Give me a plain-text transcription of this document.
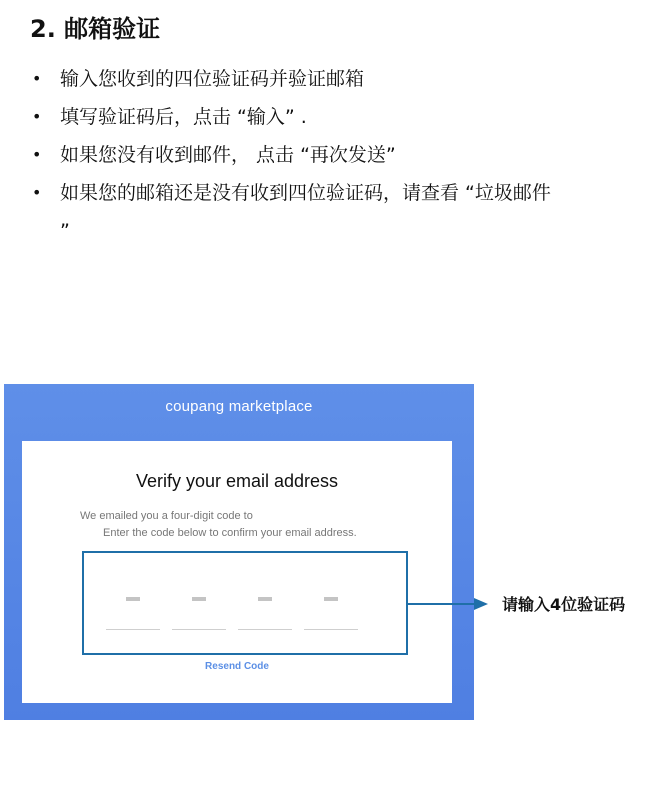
2. 邮箱验证
• 输入您收到的四位验证码并验证邮箱
• 填写验证码后，点击 “输入” .
• 如果您没有收到邮件， 点击 “再次发送”
• 如果您的邮箱还是没有收到四位验证码，请查看 “垃圾邮件
”
coupang marketplace
Verify your email address
We emailed you a four-digit code to
Enter the code below to confirm your email address.
Resend Code
请输入4位验证码
